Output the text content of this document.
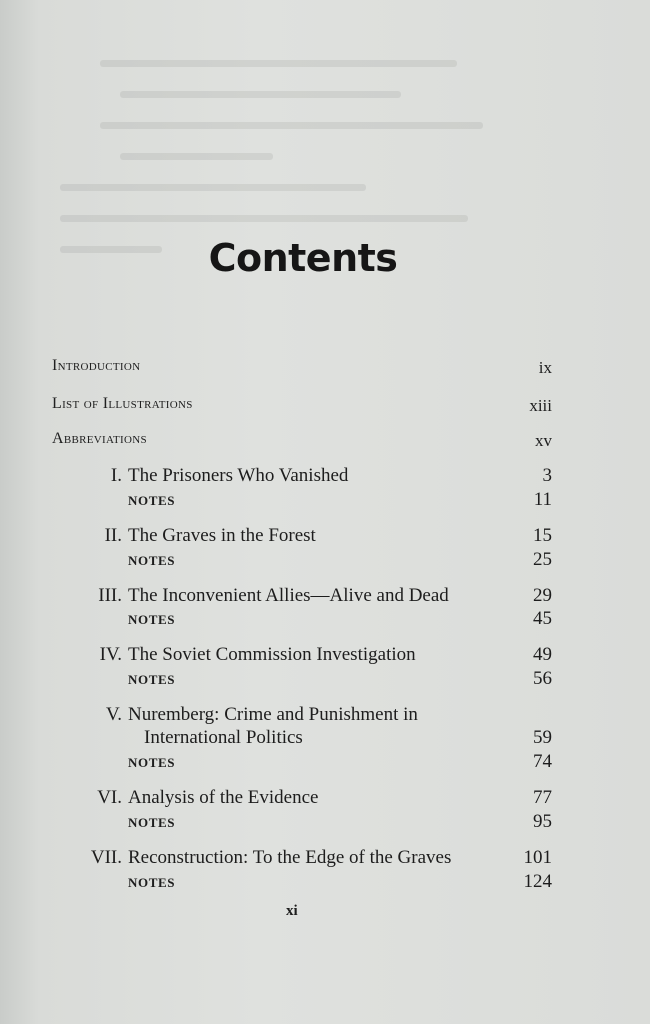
Contents
Introduction	ix
List of Illustrations	xiii
Abbreviations	xv
I. The Prisoners Who Vanished	3
NOTES	11
II. The Graves in the Forest	15
NOTES	25
III. The Inconvenient Allies—Alive and Dead	29
NOTES	45
IV. The Soviet Commission Investigation	49
NOTES	56
V. Nuremberg: Crime and Punishment in
International Politics	59
NOTES	74
VI. Analysis of the Evidence	77
NOTES	95
VII. Reconstruction: To the Edge of the Graves	101
NOTES	124
xi
